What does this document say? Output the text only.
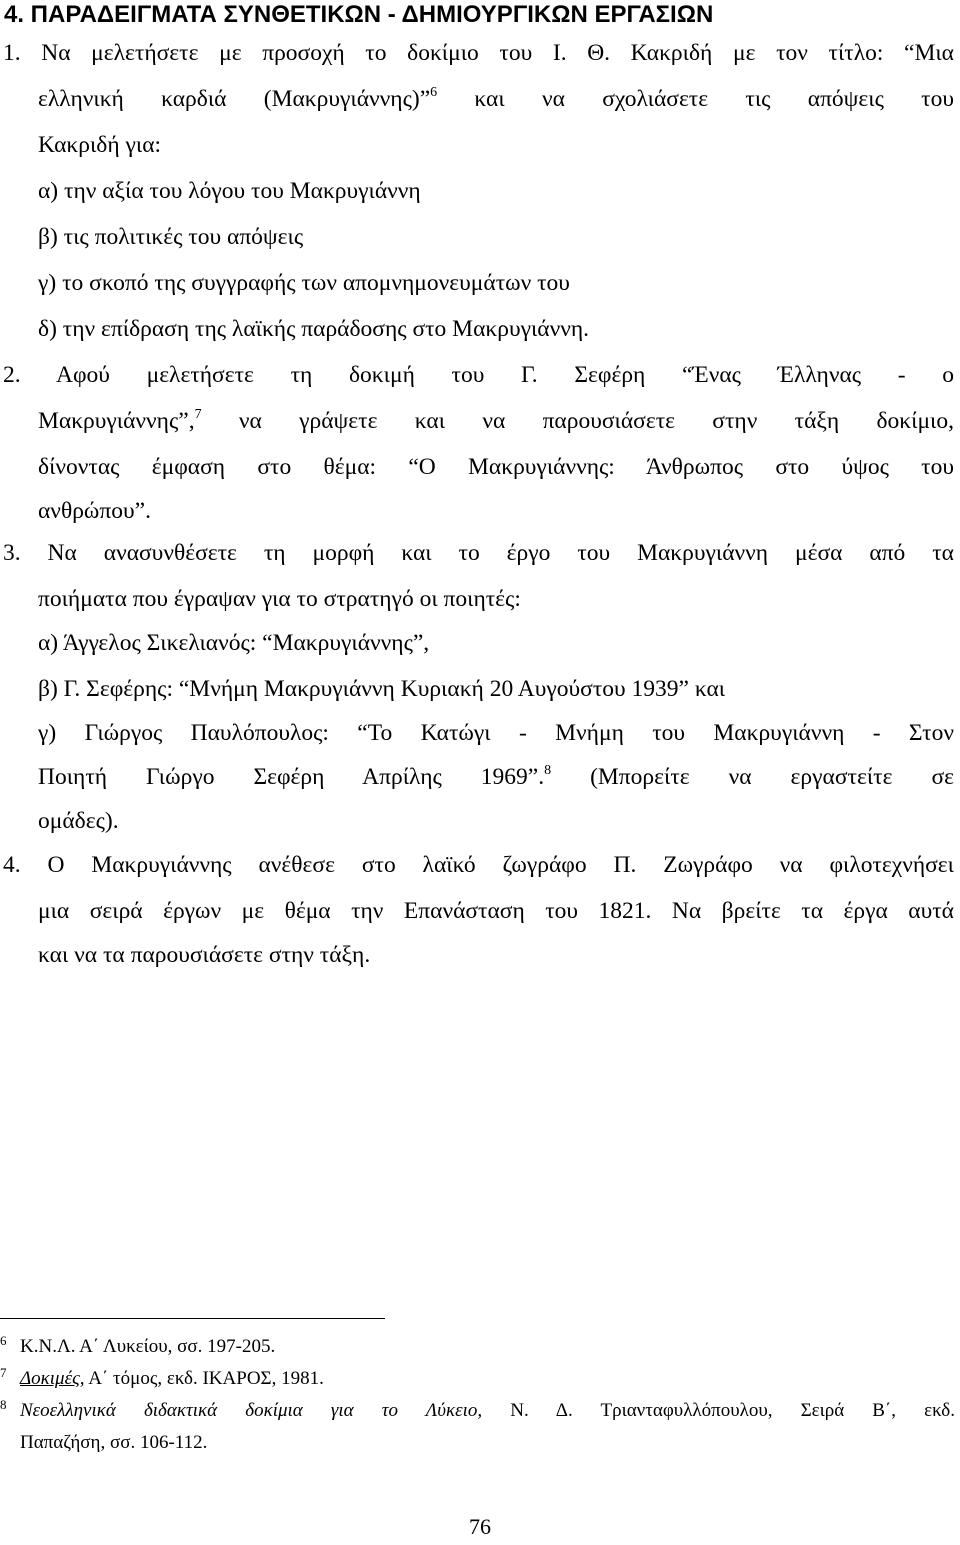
4. ΠΑΡΑΔΕΙΓΜΑΤΑ ΣΥΝΘΕΤΙΚΩΝ - ΔΗΜΙΟΥΡΓΙΚΩΝ ΕΡΓΑΣΙΩΝ
1. Να μελετήσετε με προσοχή το δοκίμιο του Ι. Θ. Κακριδή με τον τίτλο: “Μια
ελληνική καρδιά (Μακρυγιάννης)”$^6$ και να σχολιάσετε τις απόψεις του
Κακριδή για:
α) την αξία του λόγου του Μακρυγιάννη
β) τις πολιτικές του απόψεις
γ) το σκοπό της συγγραφής των απομνημονευμάτων του
δ) την επίδραση της λαϊκής παράδοσης στο Μακρυγιάννη.
2. Αφού μελετήσετε τη δοκιμή του Γ. Σεφέρη “Ένας Έλληνας - ο
Μακρυγιάννης”,$^7$ να γράψετε και να παρουσιάσετε στην τάξη δοκίμιο,
δίνοντας έμφαση στο θέμα: “Ο Μακρυγιάννης: Άνθρωπος στο ύψος του
ανθρώπου”.
3. Να ανασυνθέσετε τη μορφή και το έργο του Μακρυγιάννη μέσα από τα
ποιήματα που έγραψαν για το στρατηγό οι ποιητές:
α) Άγγελος Σικελιανός: “Μακρυγιάννης”,
β) Γ. Σεφέρης: “Μνήμη Μακρυγιάννη Κυριακή 20 Αυγούστου 1939” και
γ) Γιώργος Παυλόπουλος: “Το Κατώγι - Μνήμη του Μακρυγιάννη - Στον
Ποιητή Γιώργο Σεφέρη Απρίλης 1969”.$^8$ (Μπορείτε να εργαστείτε σε
ομάδες).
4. Ο Μακρυγιάννης ανέθεσε στο λαϊκό ζωγράφο Π. Ζωγράφο να φιλοτεχνήσει
μια σειρά έργων με θέμα την Επανάσταση του 1821. Να βρείτε τα έργα αυτά
και να τα παρουσιάσετε στην τάξη.
6 Κ.Ν.Λ. Α΄ Λυκείου, σσ. 197-205.
7 Δοκιμές, Α΄ τόμος, εκδ. ΙΚΑΡΟΣ, 1981.
8 Νεοελληνικά διδακτικά δοκίμια για το Λύκειο, Ν. Δ. Τριανταφυλλόπουλου, Σειρά Β΄, εκδ.
Παπαζήση, σσ. 106-112.
76
